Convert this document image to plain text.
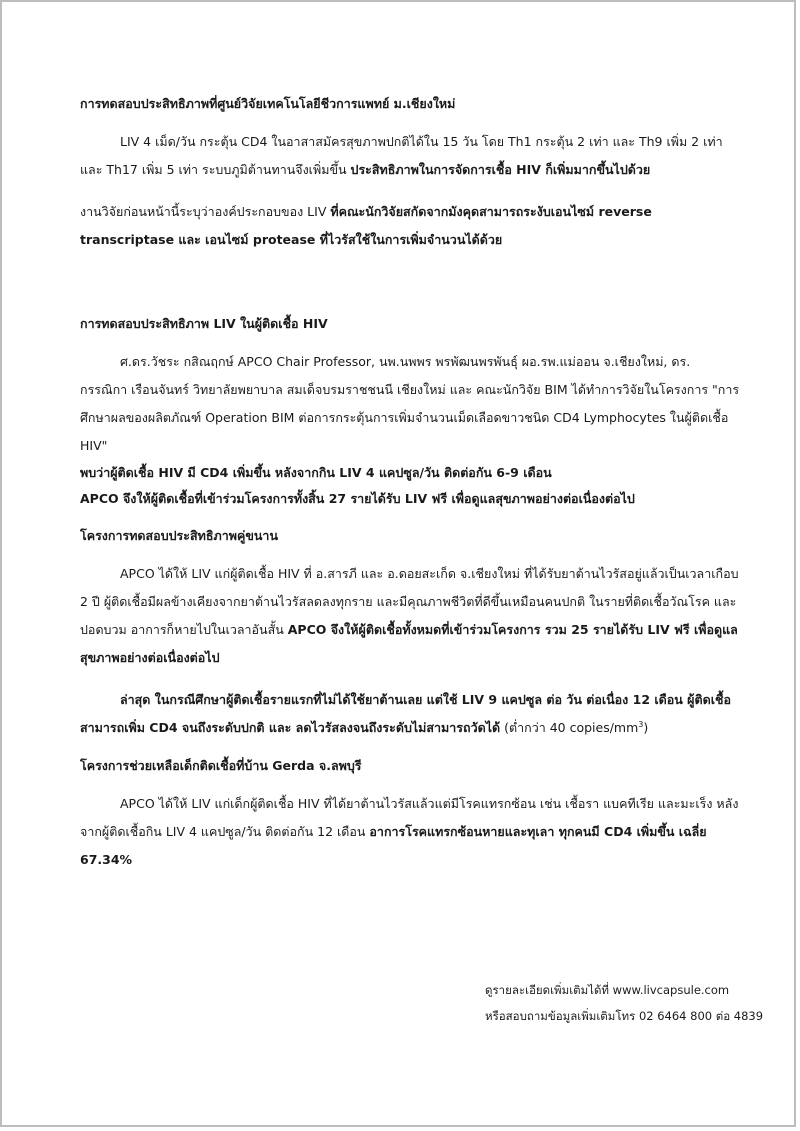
การทดสอบประสิทธิภาพที่ศูนย์วิจัยเทคโนโลยีชีวการแพทย์ ม.เชียงใหม่

LIV 4 เม็ด/วัน กระตุ้น CD4 ในอาสาสมัครสุขภาพปกติได้ใน 15 วัน โดย Th1 กระตุ้น 2 เท่า และ Th9 เพิ่ม 2 เท่า และ Th17 เพิ่ม 5 เท่า ระบบภูมิต้านทานจึงเพิ่มขึ้น ประสิทธิภาพในการจัดการเชื้อ HIV ก็เพิ่มมากขึ้นไปด้วย

งานวิจัยก่อนหน้านี้ระบุว่าองค์ประกอบของ LIV ที่คณะนักวิจัยสกัดจากมังคุดสามารถระงับเอนไซม์ reverse transcriptase และ เอนไซม์ protease ที่ไวรัสใช้ในการเพิ่มจำนวนได้ด้วย

การทดสอบประสิทธิภาพ LIV ในผู้ติดเชื้อ HIV

ศ.ดร.วัชระ กสิณฤกษ์ APCO Chair Professor, นพ.นพพร พรพัฒนพรพันธุ์ ผอ.รพ.แม่ออน จ.เชียงใหม่, ดร. กรรณิกา เรือนจันทร์ วิทยาลัยพยาบาล สมเด็จบรมราชชนนี เชียงใหม่ และ คณะนักวิจัย BIM ได้ทำการวิจัยในโครงการ "การศึกษาผลของผลิตภัณฑ์ Operation BIM ต่อการกระตุ้นการเพิ่มจำนวนเม็ดเลือดขาวชนิด CD4 Lymphocytes ในผู้ติดเชื้อ HIV"

พบว่าผู้ติดเชื้อ HIV มี CD4 เพิ่มขึ้น หลังจากกิน LIV 4 แคปซูล/วัน ติดต่อกัน 6-9 เดือน

APCO จึงให้ผู้ติดเชื้อที่เข้าร่วมโครงการทั้งสิ้น 27 รายได้รับ LIV ฟรี เพื่อดูแลสุขภาพอย่างต่อเนื่องต่อไป

โครงการทดสอบประสิทธิภาพคู่ขนาน

APCO ได้ให้ LIV แก่ผู้ติดเชื้อ HIV ที่ อ.สารภี และ อ.ดอยสะเก็ด จ.เชียงใหม่ ที่ได้รับยาต้านไวรัสอยู่แล้วเป็นเวลาเกือบ 2 ปี ผู้ติดเชื้อมีผลข้างเคียงจากยาต้านไวรัสลดลงทุกราย และมีคุณภาพชีวิตที่ดีขึ้นเหมือนคนปกติ ในรายที่ติดเชื้อวัณโรค และ ปอดบวม อาการก็หายไปในเวลาอันสั้น APCO จึงให้ผู้ติดเชื้อทั้งหมดที่เข้าร่วมโครงการ รวม 25 รายได้รับ LIV ฟรี เพื่อดูแลสุขภาพอย่างต่อเนื่องต่อไป

ล่าสุด ในกรณีศึกษาผู้ติดเชื้อรายแรกที่ไม่ได้ใช้ยาต้านเลย แต่ใช้ LIV 9 แคปซูล ต่อ วัน ต่อเนื่อง 12 เดือน ผู้ติดเชื้อสามารถเพิ่ม CD4 จนถึงระดับปกติ และ ลดไวรัสลงจนถึงระดับไม่สามารถวัดได้ (ต่ำกว่า 40 copies/$mm^3$)

โครงการช่วยเหลือเด็กติดเชื้อที่บ้าน Gerda จ.ลพบุรี

APCO ได้ให้ LIV แก่เด็กผู้ติดเชื้อ HIV ที่ได้ยาต้านไวรัสแล้วแต่มีโรคแทรกซ้อน เช่น เชื้อรา แบคทีเรีย และมะเร็ง หลังจากผู้ติดเชื้อกิน LIV 4 แคปซูล/วัน ติดต่อกัน 12 เดือน อาการโรคแทรกซ้อนหายและทุเลา ทุกคนมี CD4 เพิ่มขึ้น เฉลี่ย 67.34%

ดูรายละเอียดเพิ่มเติมได้ที่ www.livcapsule.com
หรือสอบถามข้อมูลเพิ่มเติมโทร 02 6464 800 ต่อ 4839
